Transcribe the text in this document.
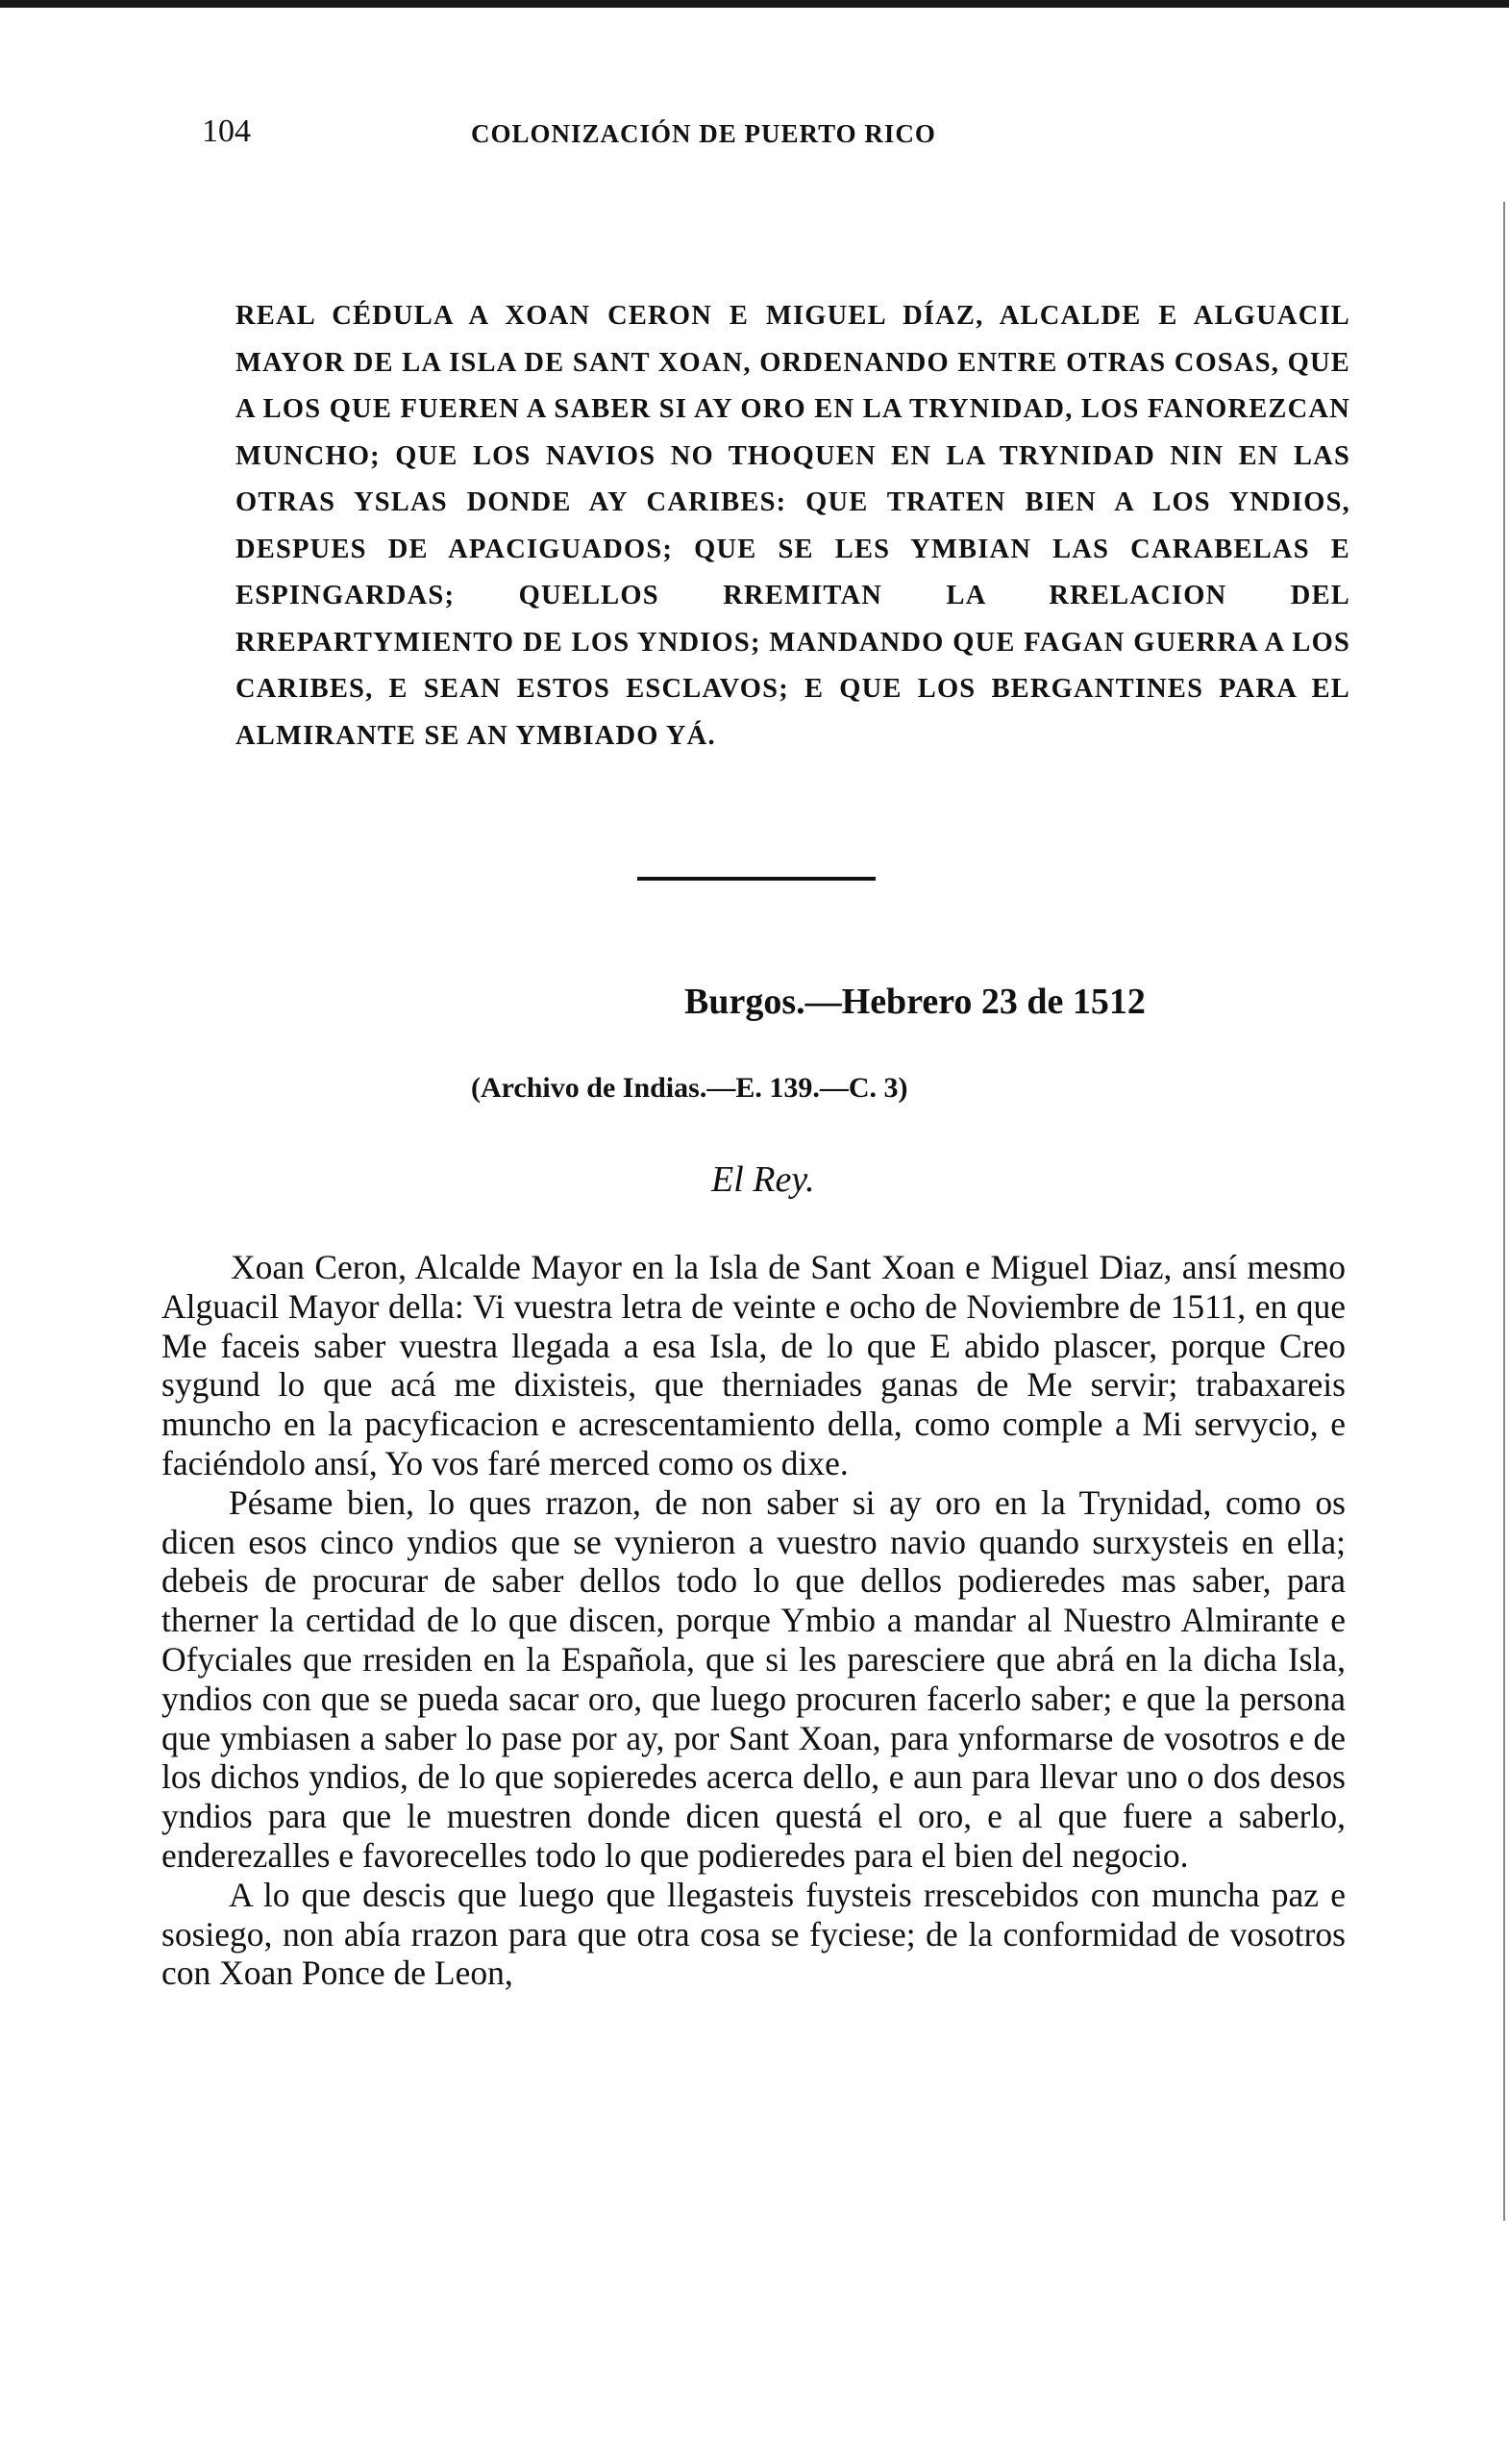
104	COLONIZACIÓN DE PUERTO RICO
REAL CÉDULA A XOAN CERON E MIGUEL DÍAZ, ALCALDE E ALGUACIL MAYOR DE LA ISLA DE SANT XOAN, ORDENANDO ENTRE OTRAS COSAS, QUE A LOS QUE FUEREN A SABER SI AY ORO EN LA TRYNIDAD, LOS FANOREZCAN MUNCHO; QUE LOS NAVIOS NO THOQUEN EN LA TRYNIDAD NIN EN LAS OTRAS YSLAS DONDE AY CARIBES: QUE TRATEN BIEN A LOS YNDIOS, DESPUES DE APACIGUADOS; QUE SE LES YMBIAN LAS CARABELAS E ESPINGARDAS; QUELLOS RREMITAN LA RRELACION DEL RREPARTYMIENTO DE LOS YNDIOS; MANDANDO QUE FAGAN GUERRA A LOS CARIBES, E SEAN ESTOS ESCLAVOS; E QUE LOS BERGANTINES PARA EL ALMIRANTE SE AN YMBIADO YÁ.
Burgos.—Hebrero 23 de 1512
(Archivo de Indias.—E. 139.—C. 3)
El Rey.

Xoan Ceron, Alcalde Mayor en la Isla de Sant Xoan e Miguel Diaz, ansí mesmo Alguacil Mayor della: Vi vuestra letra de veinte e ocho de Noviembre de 1511, en que Me faceis saber vuestra llegada a esa Isla, de lo que E abido plascer, porque Creo sygund lo que acá me dixisteis, que therniades ganas de Me servir; trabaxareis muncho en la pacyficacion e acrescentamiento della, como comple a Mi servycio, e faciéndolo ansí, Yo vos faré merced como os dixe.

Pésame bien, lo ques rrazon, de non saber si ay oro en la Trynidad, como os dicen esos cinco yndios que se vynieron a vuestro navio quando surxysteis en ella; debeis de procurar de saber dellos todo lo que dellos podieredes mas saber, para therner la certidad de lo que discen, porque Ymbio a mandar al Nuestro Almirante e Ofyciales que rresiden en la Española, que si les paresciere que abrá en la dicha Isla, yndios con que se pueda sacar oro, que luego procuren facerlo saber; e que la persona que ymbiasen a saber lo pase por ay, por Sant Xoan, para ynformarse de vosotros e de los dichos yndios, de lo que sopieredes acerca dello, e aun para llevar uno o dos desos yndios para que le muestren donde dicen questá el oro, e al que fuere a saberlo, enderezalles e favorecelles todo lo que podieredes para el bien del negocio.

A lo que descis que luego que llegasteis fuysteis rrescebidos con muncha paz e sosiego, non abía rrazon para que otra cosa se fyciese; de la conformidad de vosotros con Xoan Ponce de Leon,
